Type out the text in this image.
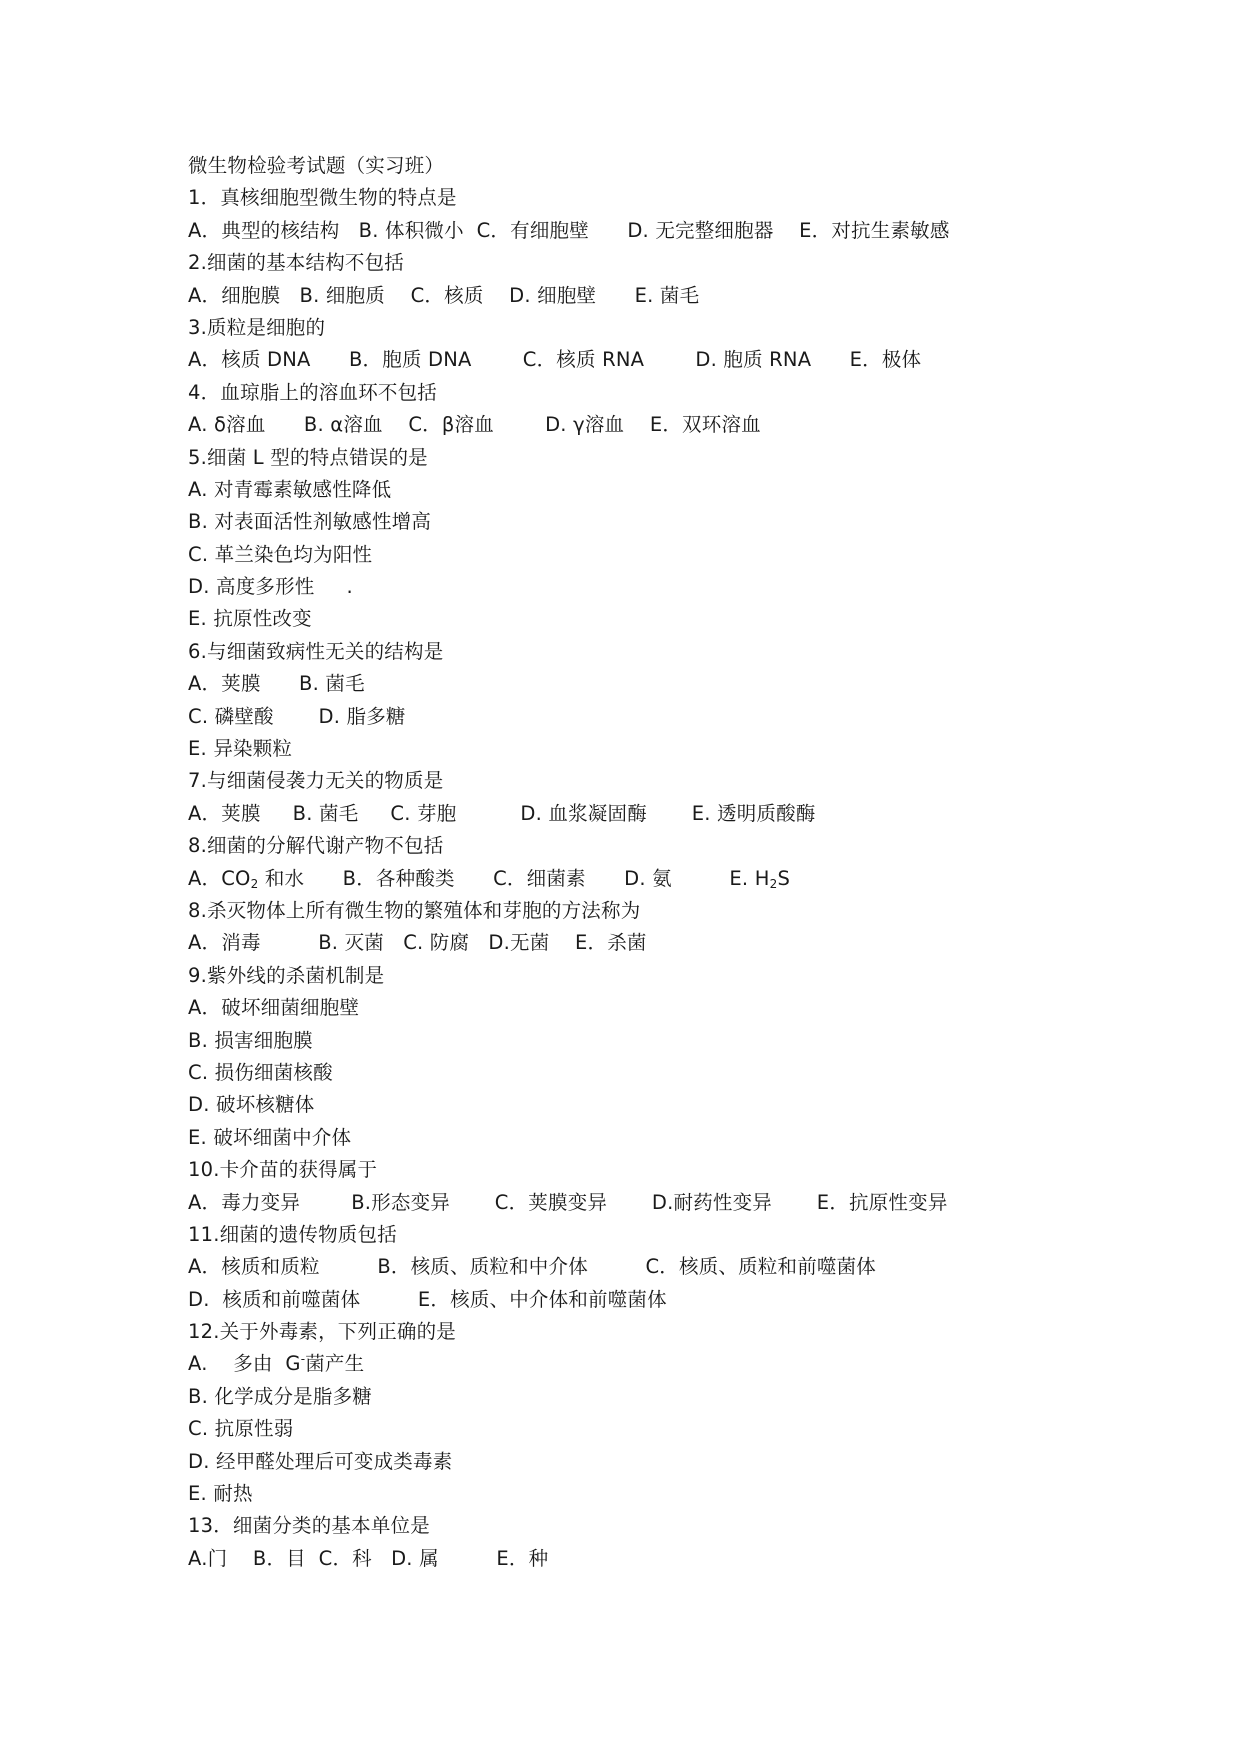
微生物检验考试题（实习班）
1．真核细胞型微生物的特点是
A．典型的核结构   B. 体积微小  C．有细胞壁      D. 无完整细胞器    E．对抗生素敏感
2.细菌的基本结构不包括
A．细胞膜   B. 细胞质    C．核质    D. 细胞壁      E. 菌毛
3.质粒是细胞的
A．核质 DNA      B．胞质 DNA        C．核质 RNA        D. 胞质 RNA      E．极体
4．血琼脂上的溶血环不包括
A. δ溶血      B. α溶血    C．β溶血        D. γ溶血    E．双环溶血
5.细菌 L 型的特点错误的是
A. 对青霉素敏感性降低
B. 对表面活性剂敏感性增高
C. 革兰染色均为阳性
D. 高度多形性     .
E. 抗原性改变
6.与细菌致病性无关的结构是
A．荚膜      B. 菌毛
C. 磷壁酸       D. 脂多糖
E. 异染颗粒
7.与细菌侵袭力无关的物质是
A．荚膜     B. 菌毛     C. 芽胞          D. 血浆凝固酶       E. 透明质酸酶
8.细菌的分解代谢产物不包括
A．$CO_2$ 和水      B．各种酸类      C．细菌素      D. 氨         E. $H_2S$
8.杀灭物体上所有微生物的繁殖体和芽胞的方法称为
A．消毒         B. 灭菌   C. 防腐   D.无菌    E．杀菌
9.紫外线的杀菌机制是
A．破坏细菌细胞壁
B. 损害细胞膜
C. 损伤细菌核酸
D. 破坏核糖体
E. 破坏细菌中介体
10.卡介苗的获得属于
A．毒力变异        B.形态变异       C．荚膜变异       D.耐药性变异       E．抗原性变异
11.细菌的遗传物质包括
A．核质和质粒         B．核质、质粒和中介体         C．核质、质粒和前噬菌体
D.  核质和前噬菌体         E．核质、中介体和前噬菌体
12.关于外毒素，下列正确的是
A.    多由  G-菌产生
B. 化学成分是脂多糖
C. 抗原性弱
D. 经甲醛处理后可变成类毒素
E. 耐热
13．细菌分类的基本单位是
A.门    B．目  C．科   D. 属         E．种
